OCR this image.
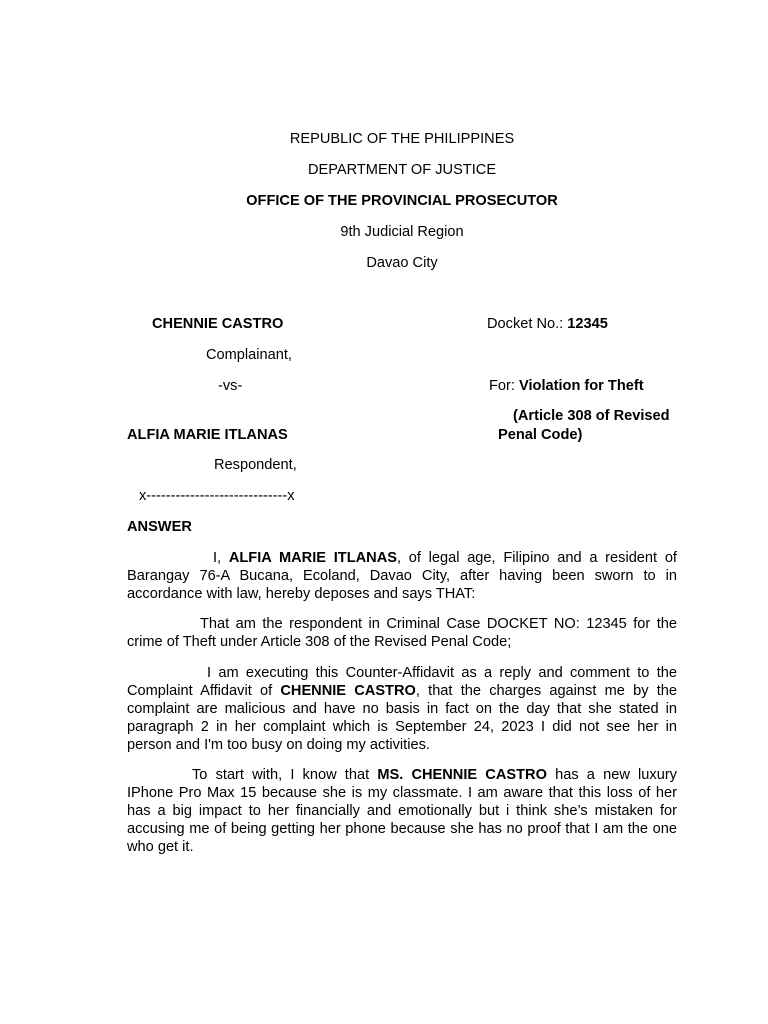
REPUBLIC OF THE PHILIPPINES
DEPARTMENT OF JUSTICE
OFFICE OF THE PROVINCIAL PROSECUTOR
9th Judicial Region
Davao City
CHENNIE CASTRO
Complainant,
-vs-
ALFIA MARIE ITLANAS
Respondent,
x-----------------------------x
Docket No.: 12345
For: Violation for Theft
(Article 308 of Revised
Penal Code)
ANSWER
I, ALFIA MARIE ITLANAS, of legal age, Filipino and a resident of Barangay 76-A Bucana, Ecoland, Davao City, after having been sworn to in accordance with law, hereby deposes and says THAT:
That am the respondent in Criminal Case DOCKET NO: 12345 for the crime of Theft under Article 308 of the Revised Penal Code;
I am executing this Counter-Affidavit as a reply and comment to the Complaint Affidavit of CHENNIE CASTRO, that the charges against me by the complaint are malicious and have no basis in fact on the day that she stated in paragraph 2 in her complaint which is September 24, 2023 I did not see her in person and I'm too busy on doing my activities.
To start with, I know that MS. CHENNIE CASTRO has a new luxury IPhone Pro Max 15 because she is my classmate. I am aware that this loss of her has a big impact to her financially and emotionally but i think she’s mistaken for accusing me of being getting her phone because she has no proof that I am the one who get it.
